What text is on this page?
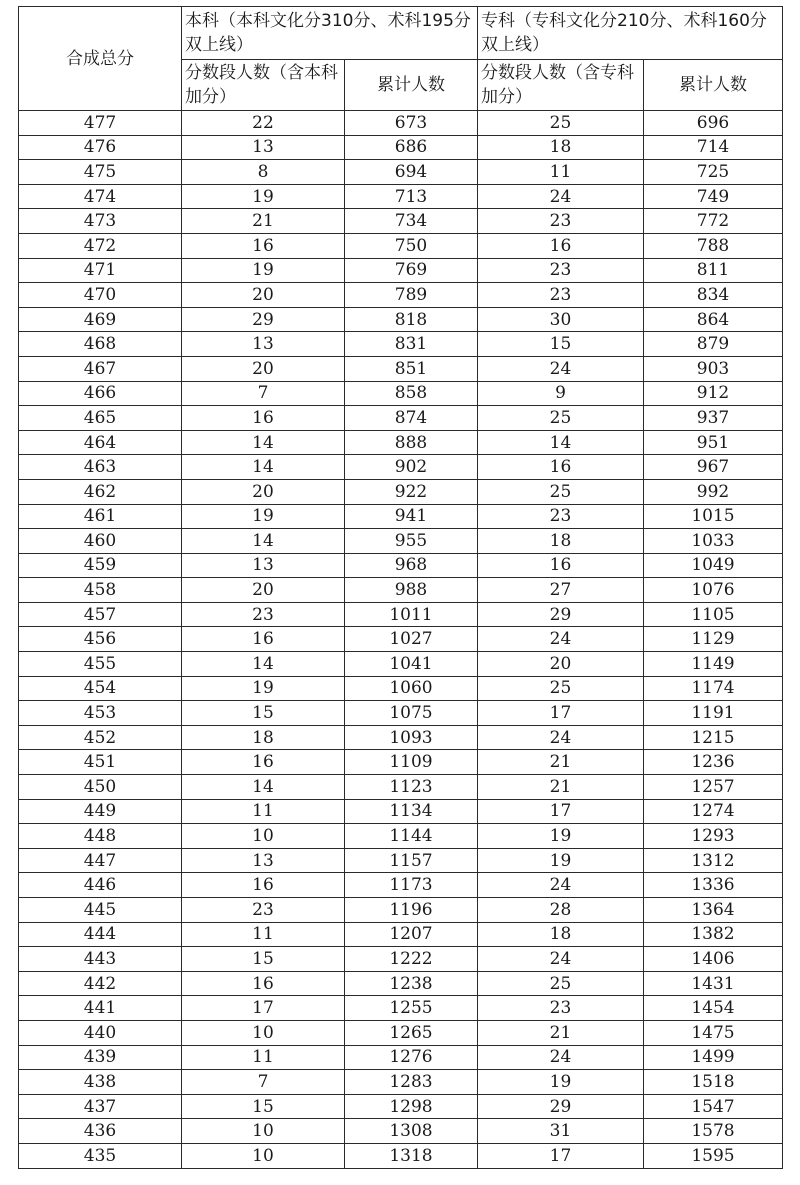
合成总分	本科（本科文化分310分、术科195分双上线）		专科（专科文化分210分、术科160分双上线）	
	分数段人数（含本科加分）	累计人数	分数段人数（含专科加分）	累计人数
477	22	673	25	696
476	13	686	18	714
475	8	694	11	725
474	19	713	24	749
473	21	734	23	772
472	16	750	16	788
471	19	769	23	811
470	20	789	23	834
469	29	818	30	864
468	13	831	15	879
467	20	851	24	903
466	7	858	9	912
465	16	874	25	937
464	14	888	14	951
463	14	902	16	967
462	20	922	25	992
461	19	941	23	1015
460	14	955	18	1033
459	13	968	16	1049
458	20	988	27	1076
457	23	1011	29	1105
456	16	1027	24	1129
455	14	1041	20	1149
454	19	1060	25	1174
453	15	1075	17	1191
452	18	1093	24	1215
451	16	1109	21	1236
450	14	1123	21	1257
449	11	1134	17	1274
448	10	1144	19	1293
447	13	1157	19	1312
446	16	1173	24	1336
445	23	1196	28	1364
444	11	1207	18	1382
443	15	1222	24	1406
442	16	1238	25	1431
441	17	1255	23	1454
440	10	1265	21	1475
439	11	1276	24	1499
438	7	1283	19	1518
437	15	1298	29	1547
436	10	1308	31	1578
435	10	1318	17	1595
